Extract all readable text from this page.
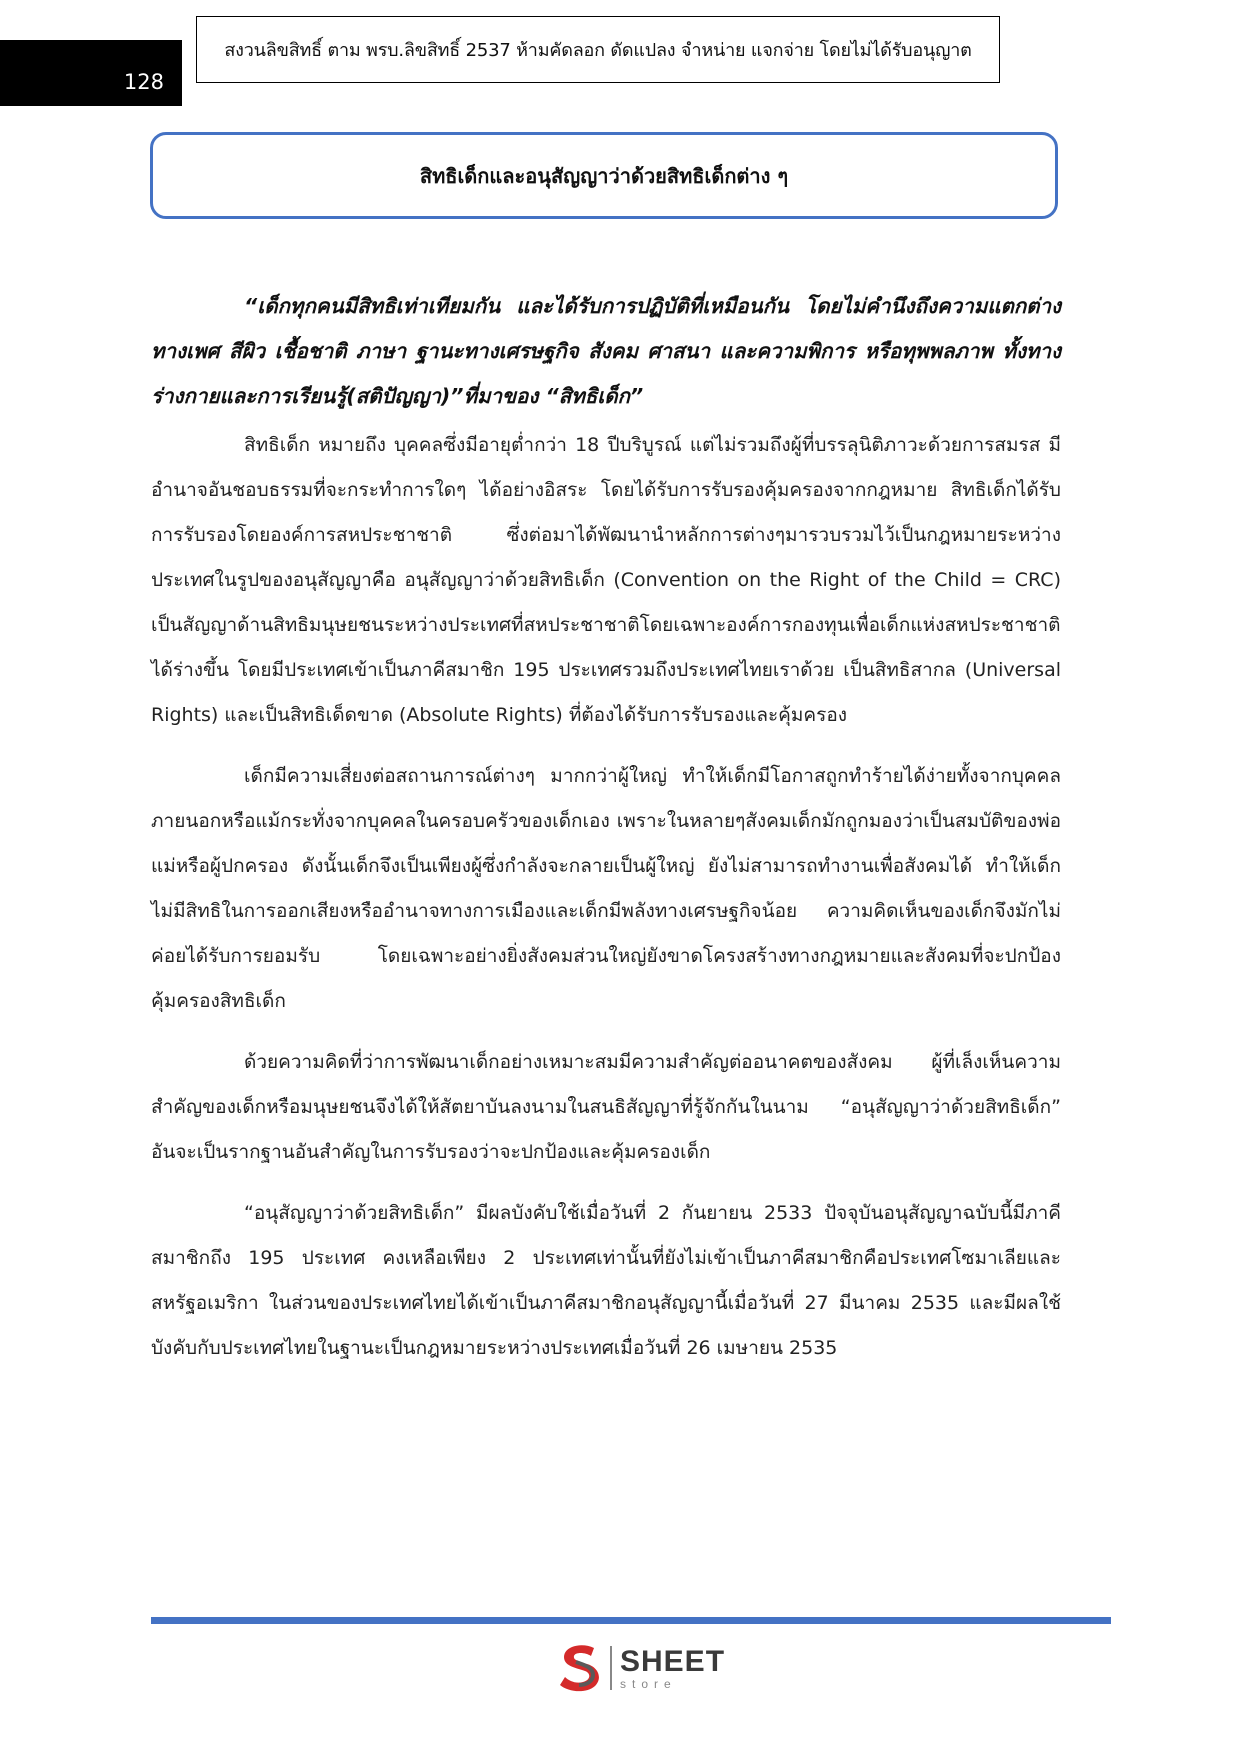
128
สงวนลิขสิทธิ์ ตาม พรบ.ลิขสิทธิ์ 2537 ห้ามคัดลอก ดัดแปลง จำหน่าย แจกจ่าย โดยไม่ได้รับอนุญาต
สิทธิเด็กและอนุสัญญาว่าด้วยสิทธิเด็กต่าง ๆ

“เด็กทุกคนมีสิทธิเท่าเทียมกัน และได้รับการปฏิบัติที่เหมือนกัน โดยไม่คำนึงถึงความแตกต่างทางเพศ สีผิว เชื้อชาติ ภาษา ฐานะทางเศรษฐกิจ สังคม ศาสนา และความพิการ หรือทุพพลภาพ ทั้งทางร่างกายและการเรียนรู้(สติปัญญา)”ที่มาของ “สิทธิเด็ก”

สิทธิเด็ก หมายถึง บุคคลซึ่งมีอายุต่ำกว่า 18 ปีบริบูรณ์ แต่ไม่รวมถึงผู้ที่บรรลุนิติภาวะด้วยการสมรส มีอำนาจอันชอบธรรมที่จะกระทำการใดๆ ได้อย่างอิสระ โดยได้รับการรับรองคุ้มครองจากกฎหมาย สิทธิเด็กได้รับการรับรองโดยองค์การสหประชาชาติ ซึ่งต่อมาได้พัฒนานำหลักการต่างๆมารวบรวมไว้เป็นกฎหมายระหว่างประเทศในรูปของอนุสัญญาคือ อนุสัญญาว่าด้วยสิทธิเด็ก (Convention on the Right of the Child = CRC) เป็นสัญญาด้านสิทธิมนุษยชนระหว่างประเทศที่สหประชาชาติโดยเฉพาะองค์การกองทุนเพื่อเด็กแห่งสหประชาชาติได้ร่างขึ้น โดยมีประเทศเข้าเป็นภาคีสมาชิก 195 ประเทศรวมถึงประเทศไทยเราด้วย เป็นสิทธิสากล (Universal Rights) และเป็นสิทธิเด็ดขาด (Absolute Rights) ที่ต้องได้รับการรับรองและคุ้มครอง

เด็กมีความเสี่ยงต่อสถานการณ์ต่างๆ มากกว่าผู้ใหญ่ ทำให้เด็กมีโอกาสถูกทำร้ายได้ง่ายทั้งจากบุคคลภายนอกหรือแม้กระทั่งจากบุคคลในครอบครัวของเด็กเอง เพราะในหลายๆสังคมเด็กมักถูกมองว่าเป็นสมบัติของพ่อแม่หรือผู้ปกครอง ดังนั้นเด็กจึงเป็นเพียงผู้ซึ่งกำลังจะกลายเป็นผู้ใหญ่ ยังไม่สามารถทำงานเพื่อสังคมได้ ทำให้เด็กไม่มีสิทธิในการออกเสียงหรืออำนาจทางการเมืองและเด็กมีพลังทางเศรษฐกิจน้อย ความคิดเห็นของเด็กจึงมักไม่ค่อยได้รับการยอมรับ โดยเฉพาะอย่างยิ่งสังคมส่วนใหญ่ยังขาดโครงสร้างทางกฎหมายและสังคมที่จะปกป้องคุ้มครองสิทธิเด็ก

ด้วยความคิดที่ว่าการพัฒนาเด็กอย่างเหมาะสมมีความสำคัญต่ออนาคตของสังคม ผู้ที่เล็งเห็นความสำคัญของเด็กหรือมนุษยชนจึงได้ให้สัตยาบันลงนามในสนธิสัญญาที่รู้จักกันในนาม “อนุสัญญาว่าด้วยสิทธิเด็ก” อันจะเป็นรากฐานอันสำคัญในการรับรองว่าจะปกป้องและคุ้มครองเด็ก

“อนุสัญญาว่าด้วยสิทธิเด็ก” มีผลบังคับใช้เมื่อวันที่ 2 กันยายน 2533 ปัจจุบันอนุสัญญาฉบับนี้มีภาคีสมาชิกถึง 195 ประเทศ คงเหลือเพียง 2 ประเทศเท่านั้นที่ยังไม่เข้าเป็นภาคีสมาชิกคือประเทศโซมาเลียและสหรัฐอเมริกา ในส่วนของประเทศไทยได้เข้าเป็นภาคีสมาชิกอนุสัญญานี้เมื่อวันที่ 27 มีนาคม 2535 และมีผลใช้บังคับกับประเทศไทยในฐานะเป็นกฎหมายระหว่างประเทศเมื่อวันที่ 26 เมษายน 2535

SHEET
store
